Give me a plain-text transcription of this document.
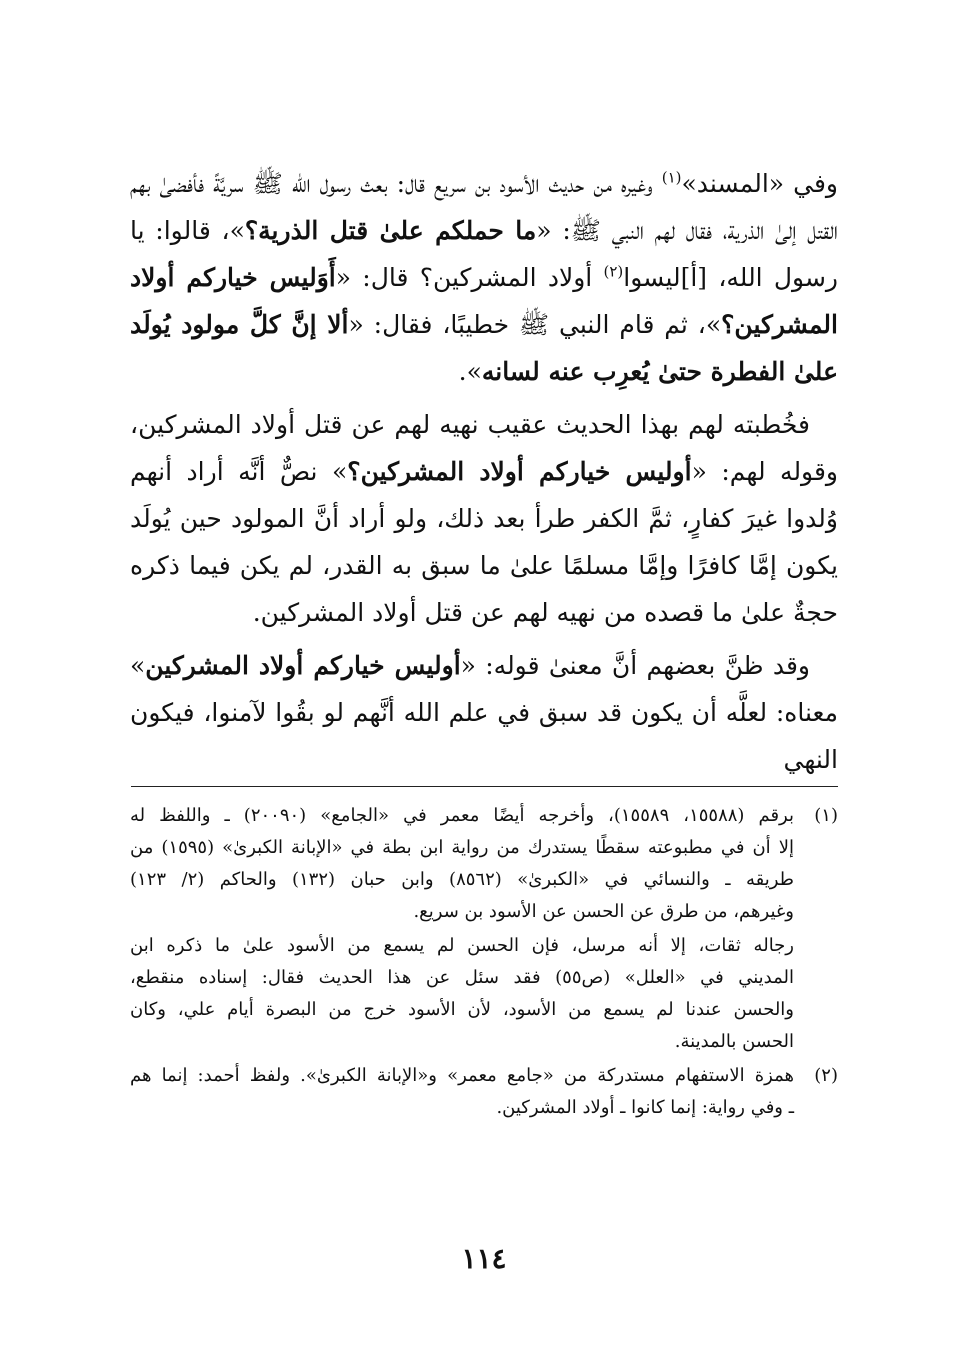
وفي «المسند»$^{(١)}$ وغيره من حديث الأسود بن سريع قال: بعث رسول الله ﷺ سريَّةً فأفضىٰ بهم القتل إلىٰ الذرية، فقال لهم النبي ﷺ: «ما حملكم علىٰ قتل الذرية؟»، قالوا: يا رسول الله، [أ]ليسوا$^{(٢)}$ أولاد المشركين؟ قال: «أَوَليس خياركم أولاد المشركين؟»، ثم قام النبي ﷺ خطيبًا، فقال: «ألا إنَّ كلَّ مولود يُولَد علىٰ الفطرة حتىٰ يُعرِب عنه لسانه».

فخُطبته لهم بهذا الحديث عقيب نهيه لهم عن قتل أولاد المشركين، وقوله لهم: «أوليس خياركم أولاد المشركين؟» نصٌّ أنَّه أراد أنهم وُلدوا غيرَ كفارٍ، ثمَّ الكفر طرأ بعد ذلك، ولو أراد أنَّ المولود حين يُولَد يكون إمَّا كافرًا وإمَّا مسلمًا علىٰ ما سبق به القدر، لم يكن فيما ذكره حجةٌ علىٰ ما قصده من نهيه لهم عن قتل أولاد المشركين.

وقد ظنَّ بعضهم أنَّ معنىٰ قوله: «أوليس خياركم أولاد المشركين» معناه: لعلَّه أن يكون قد سبق في علم الله أنَّهم لو بقُوا لآمنوا، فيكون النهي

(١)
برقم (١٥٥٨٨، ١٥٥٨٩)، وأخرجه أيضًا معمر في «الجامع» (٢٠٠٩٠) ـ واللفظ له
إلا أن في مطبوعته سقطًا يستدرك من رواية ابن بطة في «الإبانة الكبرىٰ» (١٥٩٥) من
طريقه ـ والنسائي في «الكبرىٰ» (٨٥٦٢) وابن حبان (١٣٢) والحاكم (٢/ ١٢٣)
وغيرهم، من طرق عن الحسن عن الأسود بن سريع.
رجاله ثقات، إلا أنه مرسل، فإن الحسن لم يسمع من الأسود علىٰ ما ذكره ابن
المديني في «العلل» (ص٥٥) فقد سئل عن هذا الحديث فقال: إسناده منقطع،
والحسن عندنا لم يسمع من الأسود، لأن الأسود خرج من البصرة أيام علي، وكان
الحسن بالمدينة.
(٢)
همزة الاستفهام مستدركة من «جامع معمر» و«الإبانة الكبرىٰ». ولفظ أحمد: إنما هم
ـ وفي رواية: إنما كانوا ـ أولاد المشركين.
١١٤
